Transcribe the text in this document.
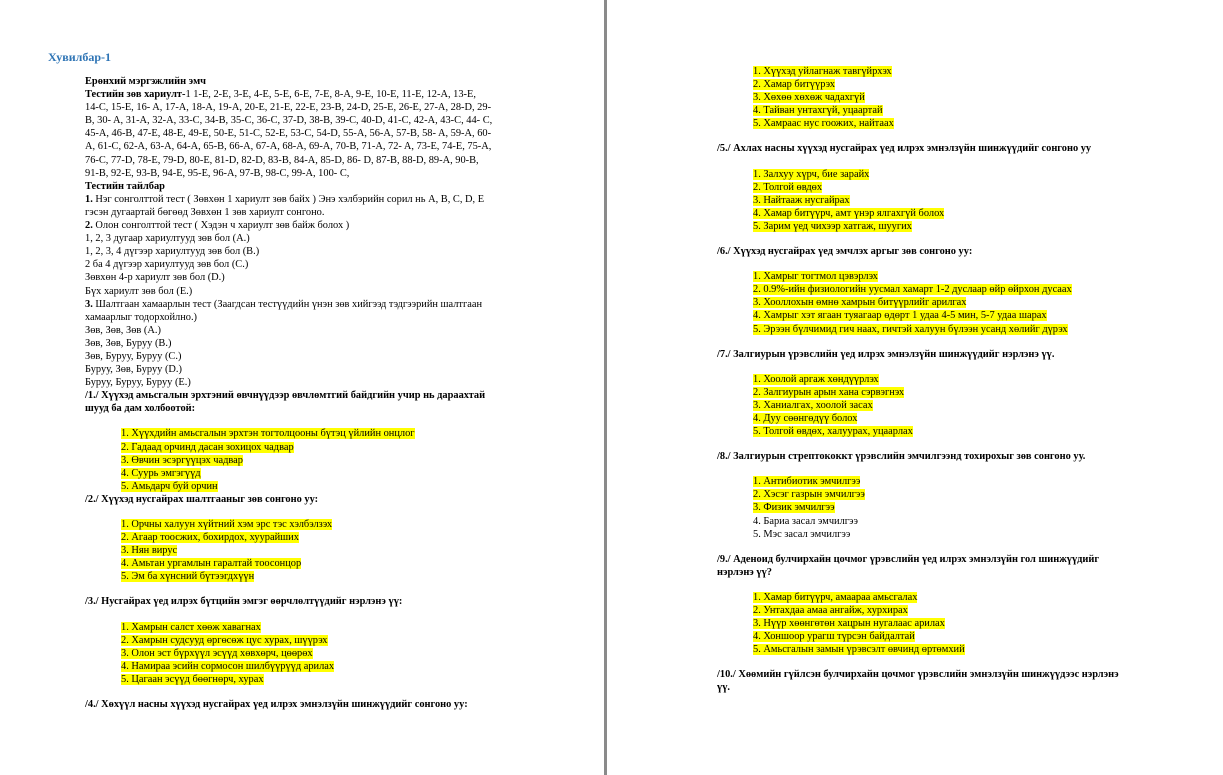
Хувилбар-1
Ерөнхий мэргэжлийн эмч
Тестийн зөв хариулт-1 1-E, 2-E, 3-E, 4-E, 5-E, 6-E, 7-E, 8-A, 9-E, 10-E, 11-E, 12-A, 13-E,
14-C, 15-E, 16- A, 17-A, 18-A, 19-A, 20-E, 21-E, 22-E, 23-B, 24-D, 25-E, 26-E, 27-A, 28-D, 29-
B, 30- A, 31-A, 32-A, 33-C, 34-B, 35-C, 36-C, 37-D, 38-B, 39-C, 40-D, 41-C, 42-A, 43-C, 44- C,
45-A, 46-B, 47-E, 48-E, 49-E, 50-E, 51-C, 52-E, 53-C, 54-D, 55-A, 56-A, 57-B, 58- A, 59-A, 60-
A, 61-C, 62-A, 63-A, 64-A, 65-B, 66-A, 67-A, 68-A, 69-A, 70-B, 71-A, 72- A, 73-E, 74-E, 75-A,
76-C, 77-D, 78-E, 79-D, 80-E, 81-D, 82-D, 83-B, 84-A, 85-D, 86- D, 87-B, 88-D, 89-A, 90-B,
91-B, 92-E, 93-B, 94-E, 95-E, 96-A, 97-B, 98-C, 99-A, 100- C,
Тестийн тайлбар
1. Нэг сонголттой тест ( Зөвхөн 1 хариулт зөв байх ) Энэ хэлбэрийн сорил нь A, B, C, D, E
гэсэн дугаартай бөгөөд Зөвхөн 1 зөв хариулт сонгоно.
2. Олон сонголттой тест ( Хэдэн ч хариулт зөв байж болох )
1, 2, 3 дугаар хариултууд зөв бол (A.)
1, 2, 3, 4 дүгээр хариултууд зөв бол (B.)
2 ба 4 дүгээр хариултууд зөв бол (C.)
Зөвхөн 4-р хариулт зөв бол (D.)
Бүх хариулт зөв бол (E.)
3. Шалтгаан хамаарлын тест (Заагдсан тестүүдийн үнэн зөв хийгээд тэдгээрийн шалтгаан
хамаарлыг тодорхойлно.)
Зөв, Зөв, Зөв (A.)
Зөв, Зөв, Буруу (B.)
Зөв, Буруу, Буруу (C.)
Буруу, Зөв, Буруу (D.)
Буруу, Буруу, Буруу (E.)
/1./ Хүүхэд амьсгалын эрхтэний өвчнүүдээр өвчлөмтгий байдгийн учир нь дараахтай
шууд ба дам холбоотой:
1. Хүүхдийн амьсгалын эрхтэн тогтолцооны бүтэц үйлийн онцлог
2. Гадаад орчинд дасан зохицох чадвар
3. Өвчин эсэргүүцэх чадвар
4. Суурь эмгэгүүд
5. Амьдарч буй орчин
/2./ Хүүхэд нусгайрах шалтгааныг зөв сонгоно уу:
1. Орчны халуун хүйтний хэм эрс тэс хэлбэлзэх
2. Агаар тоосжих, бохирдох, хуурайших
3. Нян вирус
4. Амьтан ургамлын гаралтай тоосонцор
5. Эм ба хүнсний бүтээгдхүүн
/3./ Нусгайрах үед илрэх бүтцийн эмгэг өөрчлөлтүүдийг нэрлэнэ үү:
1. Хамрын салст хөөж хавагнах
2. Хамрын судсууд өргөсөж цус хурах, шүүрэх
3. Олон эст бүрхүүл эсүүд хөвхөрч, цөөрөх
4. Намираа эсийн сормосон шилбүүрүүд арилах
5. Цагаан эсүүд бөөгнөрч, хурах
/4./ Хөхүүл насны хүүхэд нусгайрах үед илрэх эмнэлзүйн шинжүүдийг сонгоно уу:
1. Хүүхэд уйлагнаж тавгүйрхэх
2. Хамар битүүрэх
3. Хөхөө хөхөж чадахгүй
4. Тайван унтахгүй, уцаартай
5. Хамраас нус гоожих, найтаах
/5./ Ахлах насны хүүхэд нусгайрах үед илрэх эмнэлзүйн шинжүүдийг сонгоно уу
1. Залхуу хүрч, бие зарайх
2. Толгой өвдөх
3. Найтааж нусгайрах
4. Хамар битүүрч, амт үнэр ялгахгүй болох
5. Зарим үед чихээр хатгаж, шуугих
/6./ Хүүхэд нусгайрах үед эмчлэх аргыг зөв сонгоно уу:
1. Хамрыг тогтмол цэвэрлэх
2. 0.9%-ийн физиологийн уусмал хамарт 1-2 дуслаар өйр өйрхон дусаах
3. Хооллохын өмнө хамрын битүүрлийг арилгах
4. Хамрыг хэт ягаан туяагаар өдөрт 1 удаа 4-5 мин, 5-7 удаа шарах
5. Эрээн бүлчимид гич наах, гичтэй халуун бүлээн усанд хөлийг дүрэх
/7./ Залгиурын үрэвслийн үед илрэх эмнэлзүйн шинжүүдийг нэрлэнэ үү.
1. Хоолой аргаж хөндүүрлэх
2. Залгиурын арын хана сэрвэгнэх
3. Ханиалгах, хоолой засах
4. Дуу сөөнгөдүү болох
5. Толгой өвдөх, халуурах, уцаарлах
/8./ Залгиурын стрептококкт үрэвслийн эмчилгээнд тохирохыг зөв сонгоно уу.
1. Антибиотик эмчилгээ
2. Хэсэг газрын эмчилгээ
3. Физик эмчилгээ
4. Бариа засал эмчилгээ
5. Мэс засал эмчилгээ
/9./ Аденоид булчирхайн цочмог үрэвслийн үед илрэх эмнэлзүйн гол шинжүүдийг
нэрлэнэ үү?
1. Хамар битүүрч, амаараа амьсгалах
2. Унтахдаа амаа ангайж, хурхирах
3. Нүүр хөөнгөтөн хацрын нугалаас арилах
4. Хоншоор урагш түрсэн байдалтай
5. Амьсгалын замын үрэвсэлт өвчинд өртөмхий
/10./ Хөөмийн гүйлсэн булчирхайн цочмог үрэвслийн эмнэлзүйн шинжүүдээс нэрлэнэ
үү.
